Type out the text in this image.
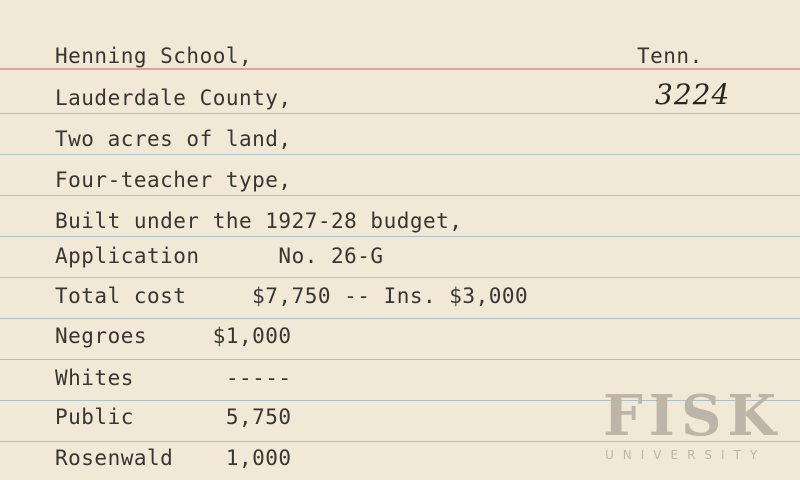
Henning School,	Tenn.
Lauderdale County,
Two acres of land,
Four-teacher type,
Built under the 1927-28 budget,
Application      No. 26-G
Total cost     $7,750 -- Ins. $3,000
Negroes     $1,000
Whites       -----
Public       5,750
Rosenwald    1,000
3224
FISK
UNIVERSITY
